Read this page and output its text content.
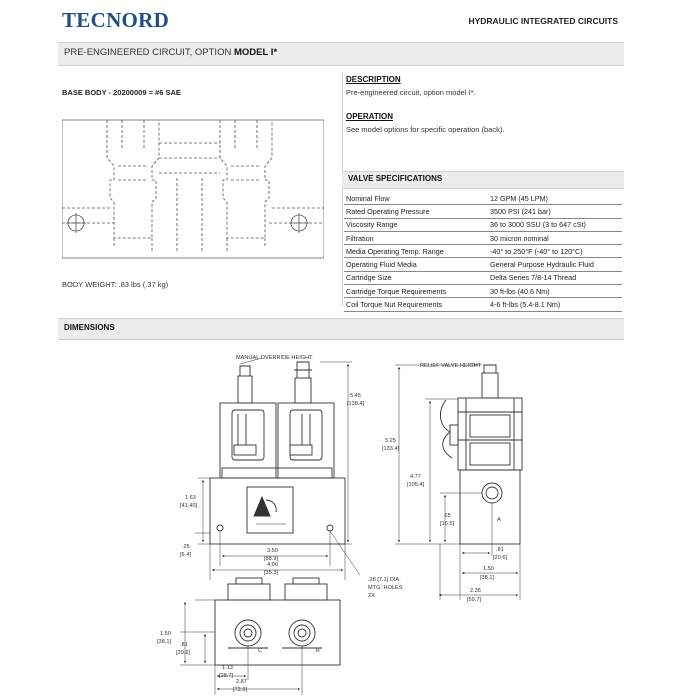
TECNORD	HYDRAULIC INTEGRATED CIRCUITS
PRE-ENGINEERED CIRCUIT, OPTION MODEL I*
BASE BODY - 20200009 = #6 SAE
BODY WEIGHT: .83 lbs (.37 kg)
DESCRIPTION
Pre-engineered circuit, option model I*.
OPERATION
See model options for specific operation (back).
VALVE SPECIFICATIONS
Nominal Flow	12 GPM (45 LPM)
Rated Operating Pressure	3500 PSI (241 bar)
Viscosity Range	36 to 3000 SSU (3 to 647 cSt)
Filtration	30 micron nominal
Media Operating Temp. Range	-40° to 250°F (-40° to 120°C)
Operating Fluid Media	General Purpose Hydraulic Fluid
Cartridge Size	Delta Series 7/8-14 Thread
Cartridge Torque Requirements	30 ft-lbs (40.6 Nm)
Coil Torque Nut Requirements	4-6 ft-lbs (5.4-8.1 Nm)
DIMENSIONS
MANUAL OVERRIDE HEIGHT
RELIEF VALVE HEIGHT
5.45
[138.4]
1.63
[41.40]
.25
[6.4]
3.50
[88.9]
4.00
[35.3]
.28 [7.1] DIA.
MTG. HOLES
2X
5.25
[133.4]
4.77
[105.4]
.65
[16.5]
A
.81
[20.6]
1.50
[38.1]
2.35
[59.7]
1.50
[38.1] .81
[20.6]	C	B
1.13
[28.7]
2.87
[72.9]
